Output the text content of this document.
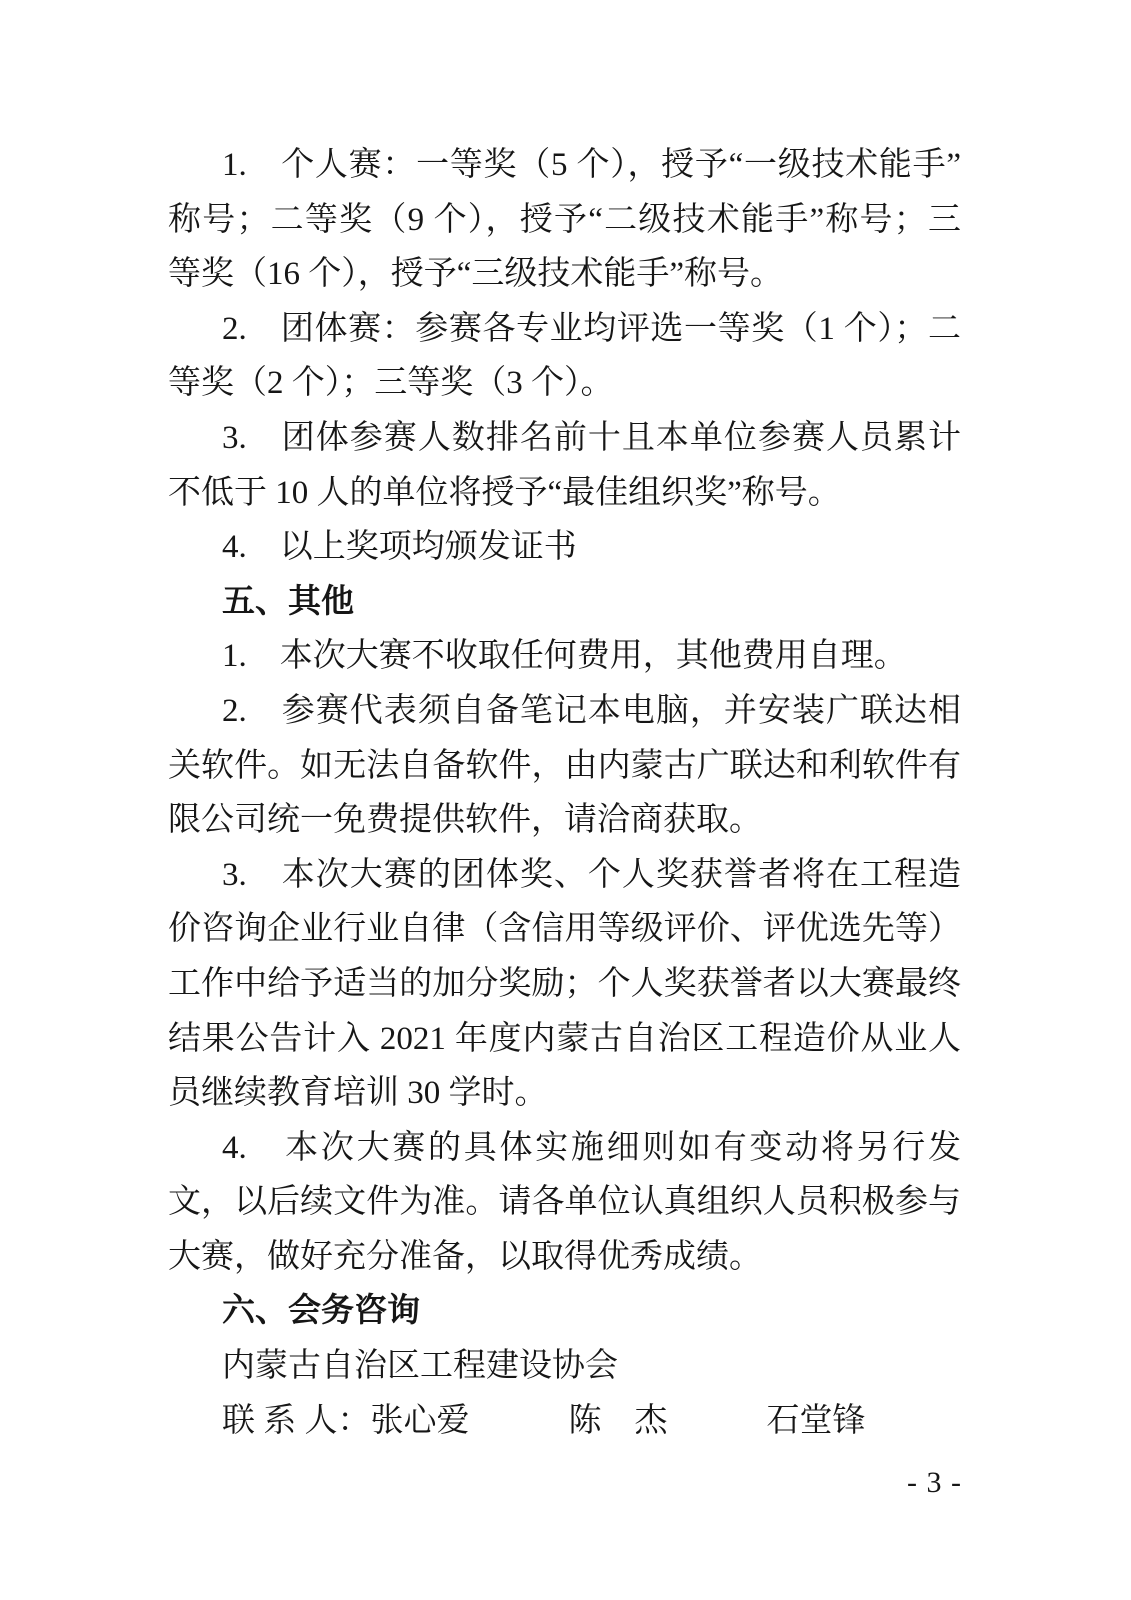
1.　个人赛：一等奖（5 个），授予“一级技术能手”称号；二等奖（9 个），授予“二级技术能手”称号；三等奖（16 个），授予“三级技术能手”称号。

2.　团体赛：参赛各专业均评选一等奖（1 个）；二等奖（2 个）；三等奖（3 个）。

3.　团体参赛人数排名前十且本单位参赛人员累计不低于 10 人的单位将授予“最佳组织奖”称号。

4.　以上奖项均颁发证书

五、其他

1.　本次大赛不收取任何费用，其他费用自理。

2.　参赛代表须自备笔记本电脑，并安装广联达相关软件。如无法自备软件，由内蒙古广联达和利软件有限公司统一免费提供软件，请洽商获取。

3.　本次大赛的团体奖、个人奖获誉者将在工程造价咨询企业行业自律（含信用等级评价、评优选先等）工作中给予适当的加分奖励；个人奖获誉者以大赛最终结果公告计入 2021 年度内蒙古自治区工程造价从业人员继续教育培训 30 学时。

4.　本次大赛的具体实施细则如有变动将另行发文，以后续文件为准。请各单位认真组织人员积极参与大赛，做好充分准备，以取得优秀成绩。

六、会务咨询

内蒙古自治区工程建设协会

联 系 人：张心爱　　　陈　杰　　　石堂锋

- 3 -
